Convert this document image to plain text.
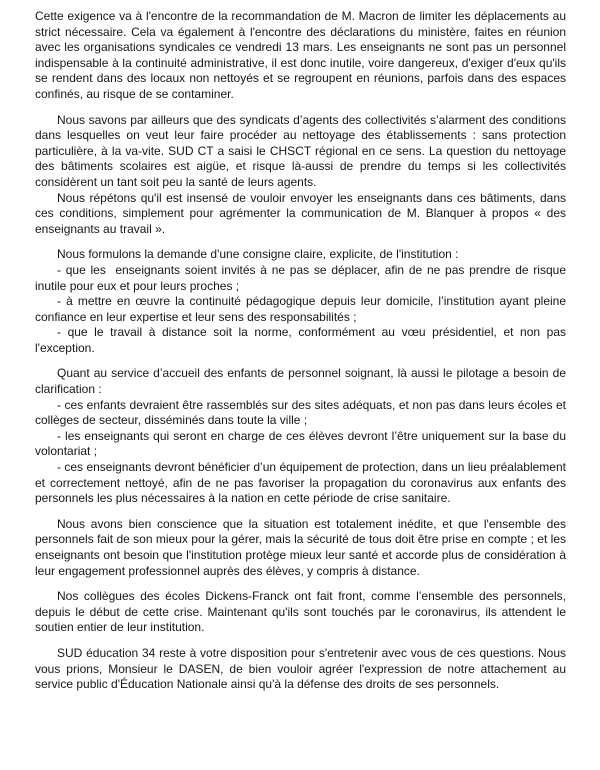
Cette exigence va à l'encontre de la recommandation de M. Macron de limiter les déplacements au strict nécessaire. Cela va également à l'encontre des déclarations du ministère, faites en réunion avec les organisations syndicales ce vendredi 13 mars. Les enseignants ne sont pas un personnel indispensable à la continuité administrative, il est donc inutile, voire dangereux, d'exiger d'eux qu'ils se rendent dans des locaux non nettoyés et se regroupent en réunions, parfois dans des espaces confinés, au risque de se contaminer.

Nous savons par ailleurs que des syndicats d’agents des collectivités s’alarment des conditions dans lesquelles on veut leur faire procéder au nettoyage des établissements : sans protection particulière, à la va-vite. SUD CT a saisi le CHSCT régional en ce sens. La question du nettoyage des bâtiments scolaires est aigüe, et risque là-aussi de prendre du temps si les collectivités considèrent un tant soit peu la santé de leurs agents.

Nous répétons qu'il est insensé de vouloir envoyer les enseignants dans ces bâtiments, dans ces conditions, simplement pour agrémenter la communication de M. Blanquer à propos « des enseignants au travail ».

Nous formulons la demande d'une consigne claire, explicite, de l'institution :

- que les  enseignants soient invités à ne pas se déplacer, afin de ne pas prendre de risque inutile pour eux et pour leurs proches ;

- à mettre en œuvre la continuité pédagogique depuis leur domicile, l’institution ayant pleine confiance en leur expertise et leur sens des responsabilités ;

- que le travail à distance soit la norme, conformément au vœu présidentiel, et non pas l'exception.

Quant au service d’accueil des enfants de personnel soignant, là aussi le pilotage a besoin de clarification :

- ces enfants devraient être rassemblés sur des sites adéquats, et non pas dans leurs écoles et collèges de secteur, disséminés dans toute la ville ;

- les enseignants qui seront en charge de ces élèves devront l’être uniquement sur la base du volontariat ;

- ces enseignants devront bénéficier d’un équipement de protection, dans un lieu préalablement et correctement nettoyé, afin de ne pas favoriser la propagation du coronavirus aux enfants des personnels les plus nécessaires à la nation en cette période de crise sanitaire.

Nous avons bien conscience que la situation est totalement inédite, et que l'ensemble des personnels fait de son mieux pour la gérer, mais la sécurité de tous doit être prise en compte ; et les enseignants ont besoin que l'institution protège mieux leur santé et accorde plus de considération à leur engagement professionnel auprès des élèves, y compris à distance.

Nos collègues des écoles Dickens-Franck ont fait front, comme l’ensemble des personnels, depuis le début de cette crise. Maintenant qu'ils sont touchés par le coronavirus, ils attendent le soutien entier de leur institution.

SUD éducation 34 reste à votre disposition pour s'entretenir avec vous de ces questions. Nous vous prions, Monsieur le DASEN, de bien vouloir agréer l'expression de notre attachement au service public d'Éducation Nationale ainsi qu'à la défense des droits de ses personnels.
